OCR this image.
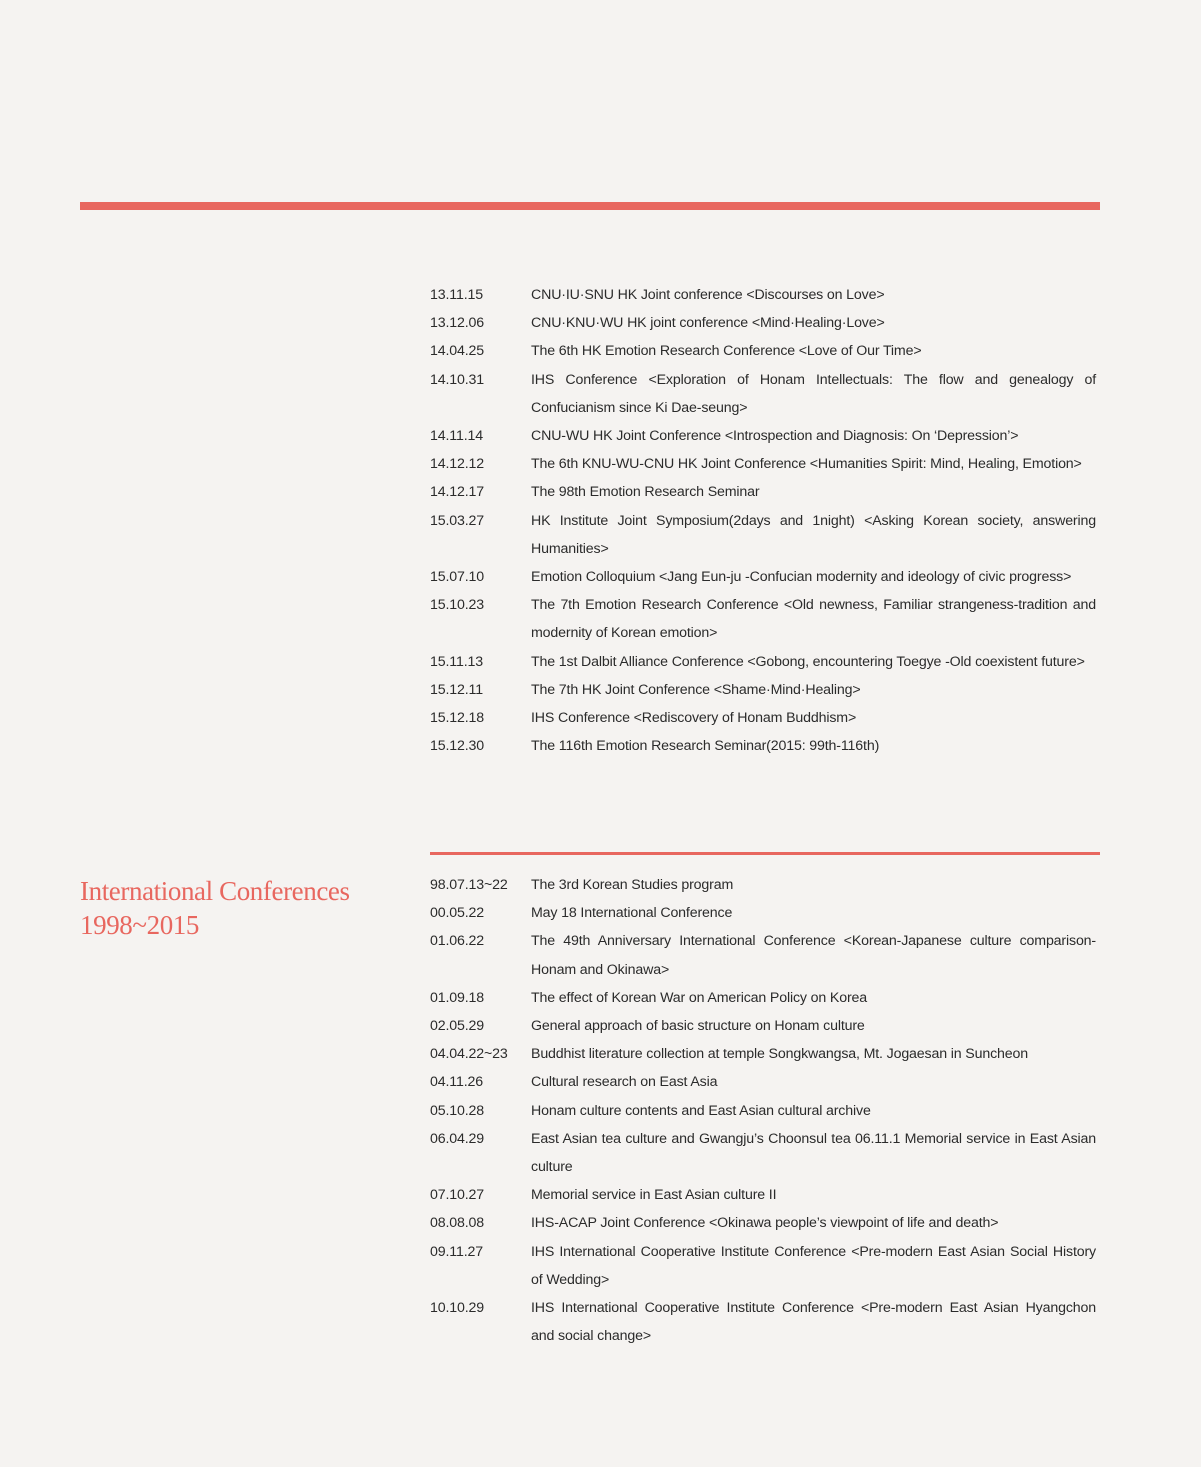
13.11.15	CNU·IU·SNU HK Joint conference <Discourses on Love>
13.12.06	CNU·KNU·WU HK joint conference <Mind·Healing·Love>
14.04.25	The 6th HK Emotion Research Conference <Love of Our Time>
14.10.31	IHS Conference <Exploration of Honam Intellectuals: The flow and genealogy of Confucianism since Ki Dae-seung>
14.11.14	CNU-WU HK Joint Conference <Introspection and Diagnosis: On ‘Depression’>
14.12.12	The 6th KNU-WU-CNU HK Joint Conference <Humanities Spirit: Mind, Healing, Emotion>
14.12.17	The 98th Emotion Research Seminar
15.03.27	HK Institute Joint Symposium(2days and 1night) <Asking Korean society, answering Humanities>
15.07.10	Emotion Colloquium <Jang Eun-ju -Confucian modernity and ideology of civic progress>
15.10.23	The 7th Emotion Research Conference <Old newness, Familiar strangeness-tradition and modernity of Korean emotion>
15.11.13	The 1st Dalbit Alliance Conference <Gobong, encountering Toegye -Old coexistent future>
15.12.11	The 7th HK Joint Conference <Shame·Mind·Healing>
15.12.18	IHS Conference <Rediscovery of Honam Buddhism>
15.12.30	The 116th Emotion Research Seminar(2015: 99th-116th)
International Conferences
1998~2015
98.07.13~22	The 3rd Korean Studies program
00.05.22	May 18 International Conference
01.06.22	The 49th Anniversary International Conference <Korean-Japanese culture comparison-Honam and Okinawa>
01.09.18	The effect of Korean War on American Policy on Korea
02.05.29	General approach of basic structure on Honam culture
04.04.22~23	Buddhist literature collection at temple Songkwangsa, Mt. Jogaesan in Suncheon
04.11.26	Cultural research on East Asia
05.10.28	Honam culture contents and East Asian cultural archive
06.04.29	East Asian tea culture and Gwangju’s Choonsul tea 06.11.1 Memorial service in East Asian culture
07.10.27	Memorial service in East Asian culture II
08.08.08	IHS-ACAP Joint Conference <Okinawa people’s viewpoint of life and death>
09.11.27	IHS International Cooperative Institute Conference <Pre-modern East Asian Social History of Wedding>
10.10.29	IHS International Cooperative Institute Conference <Pre-modern East Asian Hyangchon and social change>
